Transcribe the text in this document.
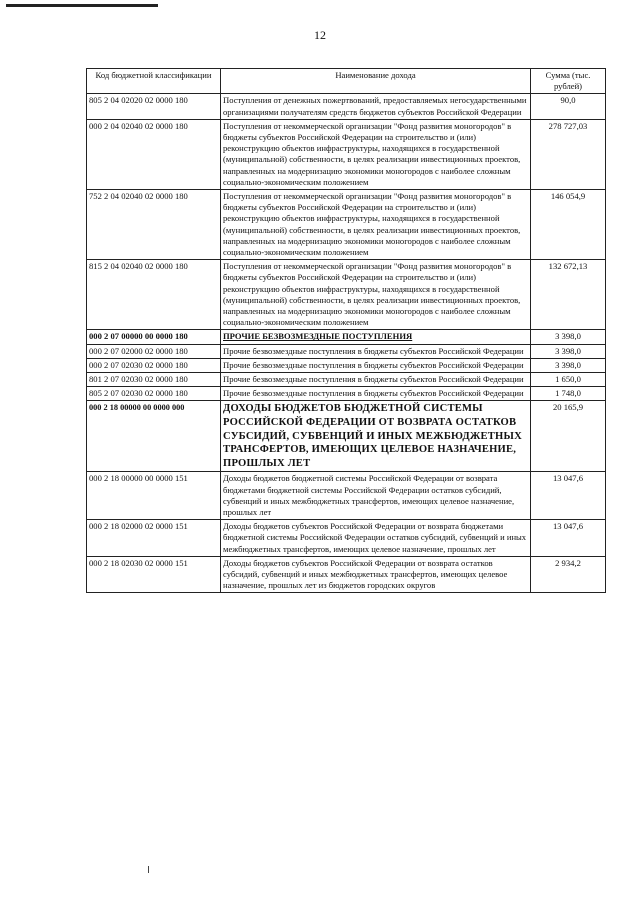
12
Код бюджетной классификации	Наименование дохода	Сумма (тыс. рублей)
805 2 04 02020 02 0000 180	Поступления от денежных пожертвований, предоставляемых негосударственными организациями получателям средств бюджетов субъектов Российской Федерации	90,0
000 2 04 02040 02 0000 180	Поступления от некоммерческой организации "Фонд развития моногородов" в бюджеты субъектов Российской Федерации на строительство и (или) реконструкцию объектов инфраструктуры, находящихся в государственной (муниципальной) собственности, в целях реализации инвестиционных проектов, направленных на модернизацию экономики моногородов с наиболее сложным социально-экономическим положением	278 727,03
752 2 04 02040 02 0000 180	Поступления от некоммерческой организации "Фонд развития моногородов" в бюджеты субъектов Российской Федерации на строительство и (или) реконструкцию объектов инфраструктуры, находящихся в государственной (муниципальной) собственности, в целях реализации инвестиционных проектов, направленных на модернизацию экономики моногородов с наиболее сложным социально-экономическим положением	146 054,9
815 2 04 02040 02 0000 180	Поступления от некоммерческой организации "Фонд развития моногородов" в бюджеты субъектов Российской Федерации на строительство и (или) реконструкцию объектов инфраструктуры, находящихся в государственной (муниципальной) собственности, в целях реализации инвестиционных проектов, направленных на модернизацию экономики моногородов с наиболее сложным социально-экономическим положением	132 672,13
000 2 07 00000 00 0000 180	ПРОЧИЕ БЕЗВОЗМЕЗДНЫЕ ПОСТУПЛЕНИЯ	3 398,0
000 2 07 02000 02 0000 180	Прочие безвозмездные поступления в бюджеты субъектов Российской Федерации	3 398,0
000 2 07 02030 02 0000 180	Прочие безвозмездные поступления в бюджеты субъектов Российской Федерации	3 398,0
801 2 07 02030 02 0000 180	Прочие безвозмездные поступления в бюджеты субъектов Российской Федерации	1 650,0
805 2 07 02030 02 0000 180	Прочие безвозмездные поступления в бюджеты субъектов Российской Федерации	1 748,0
000 2 18 00000 00 0000 000	ДОХОДЫ БЮДЖЕТОВ БЮДЖЕТНОЙ СИСТЕМЫ РОССИЙСКОЙ ФЕДЕРАЦИИ ОТ ВОЗВРАТА ОСТАТКОВ СУБСИДИЙ, СУБВЕНЦИЙ И ИНЫХ МЕЖБЮДЖЕТНЫХ ТРАНСФЕРТОВ, ИМЕЮЩИХ ЦЕЛЕВОЕ НАЗНАЧЕНИЕ, ПРОШЛЫХ ЛЕТ	20 165,9
000 2 18 00000 00 0000 151	Доходы бюджетов бюджетной системы Российской Федерации от возврата бюджетами бюджетной системы Российской Федерации остатков субсидий, субвенций и иных межбюджетных трансфертов, имеющих целевое назначение, прошлых лет	13 047,6
000 2 18 02000 02 0000 151	Доходы бюджетов субъектов Российской Федерации от возврата бюджетами бюджетной системы Российской Федерации остатков субсидий, субвенций и иных межбюджетных трансфертов, имеющих целевое назначение, прошлых лет	13 047,6
000 2 18 02030 02 0000 151	Доходы бюджетов субъектов Российской Федерации от возврата остатков субсидий, субвенций и иных межбюджетных трансфертов, имеющих целевое назначение, прошлых лет из бюджетов городских округов	2 934,2
